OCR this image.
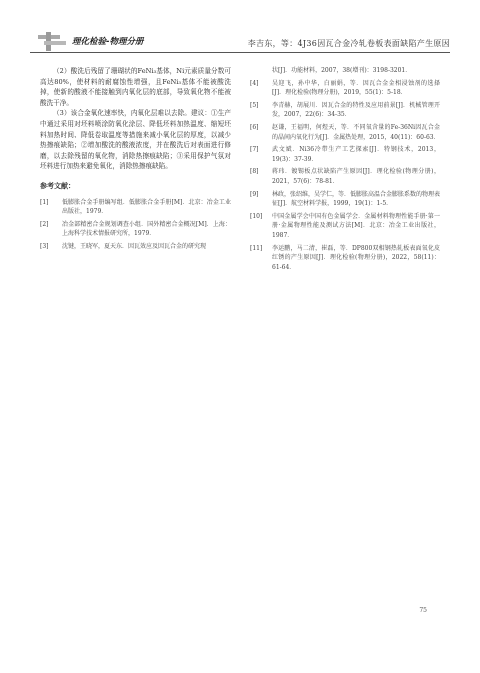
理化检验-物理分册	李吉东，等：4J36因瓦合金冷轧卷板表面缺陷产生原因

（2）酸洗后残留了珊瑚状的FeNi₃基体，Ni元素质量分数可高达80%，使材料的耐腐蚀性增强，且FeNi₃基体不能被酸洗掉，使新的酸液不能接触到内氧化层的底部，导致氧化物不能被酸洗干净。

（3）该合金氧化速率快，内氧化层难以去除。建议：①生产中通过采用对坯料喷涂防氧化涂层、降低坯料加热温度、缩短坯料加热时间、降低卷取温度等措施来减小氧化层的厚度，以减少热擦痕缺陷；②增加酸洗的酸液浓度，并在酸洗后对表面进行修磨，以去除残留的氧化物，消除热擦痕缺陷；③采用保护气氛对坯料进行加热来避免氧化，消除热擦痕缺陷。

参考文献：
[1] 低膨胀合金手册编写组．低膨胀合金手册[M]．北京：冶金工业出版社，1979．
[2] 冶金部精密合金规划调查小组．国外精密合金概况[M]．上海：上海科学技术情报研究所，1979．
[3] 沈键，王晓军，夏天东．因瓦效应及因瓦合金的研究现
状[J]．功能材料，2007，38(增刊)：3198-3201．
[4] 吴迎飞，孙中华，白丽娟，等．因瓦合金金相浸蚀剂的选择[J]．理化检验(物理分册)，2019，55(1)：5-18．
[5] 李青赫，胡展川．因瓦合金的特性及应用前景[J]．机械管理开发，2007，22(6)：34-35．
[6] 赵谦，王福明，何煜天，等．不同氧含量的Fe-36Ni因瓦合金的晶间内氧化行为[J]．金属热处理，2015，40(11)：60-63．
[7] 武文斌．Ni36冷带生产工艺探索[J]．特钢技术，2013，19(3)：37-39．
[8] 蒋玮．镀锡板点状缺陷产生原因[J]．理化检验(物理分册)，2021，57(6)：78-81．
[9] 林政，张绍维，吴学仁，等．低膨胀高温合金膨胀系数的物理表征[J]．航空材料学报，1999，19(1)：1-5．
[10] 中国金属学会中国有色金属学会．金属材料物理性能手册·第一册·金属物理性能及测试方法[M]．北京：冶金工业出版社，1987．
[11] 李运鹏，马二清，崔磊，等．DP800双相钢热轧板表面氧化皮红锈的产生原因[J]．理化检验(物理分册)，2022，58(11)：61-64．
75
